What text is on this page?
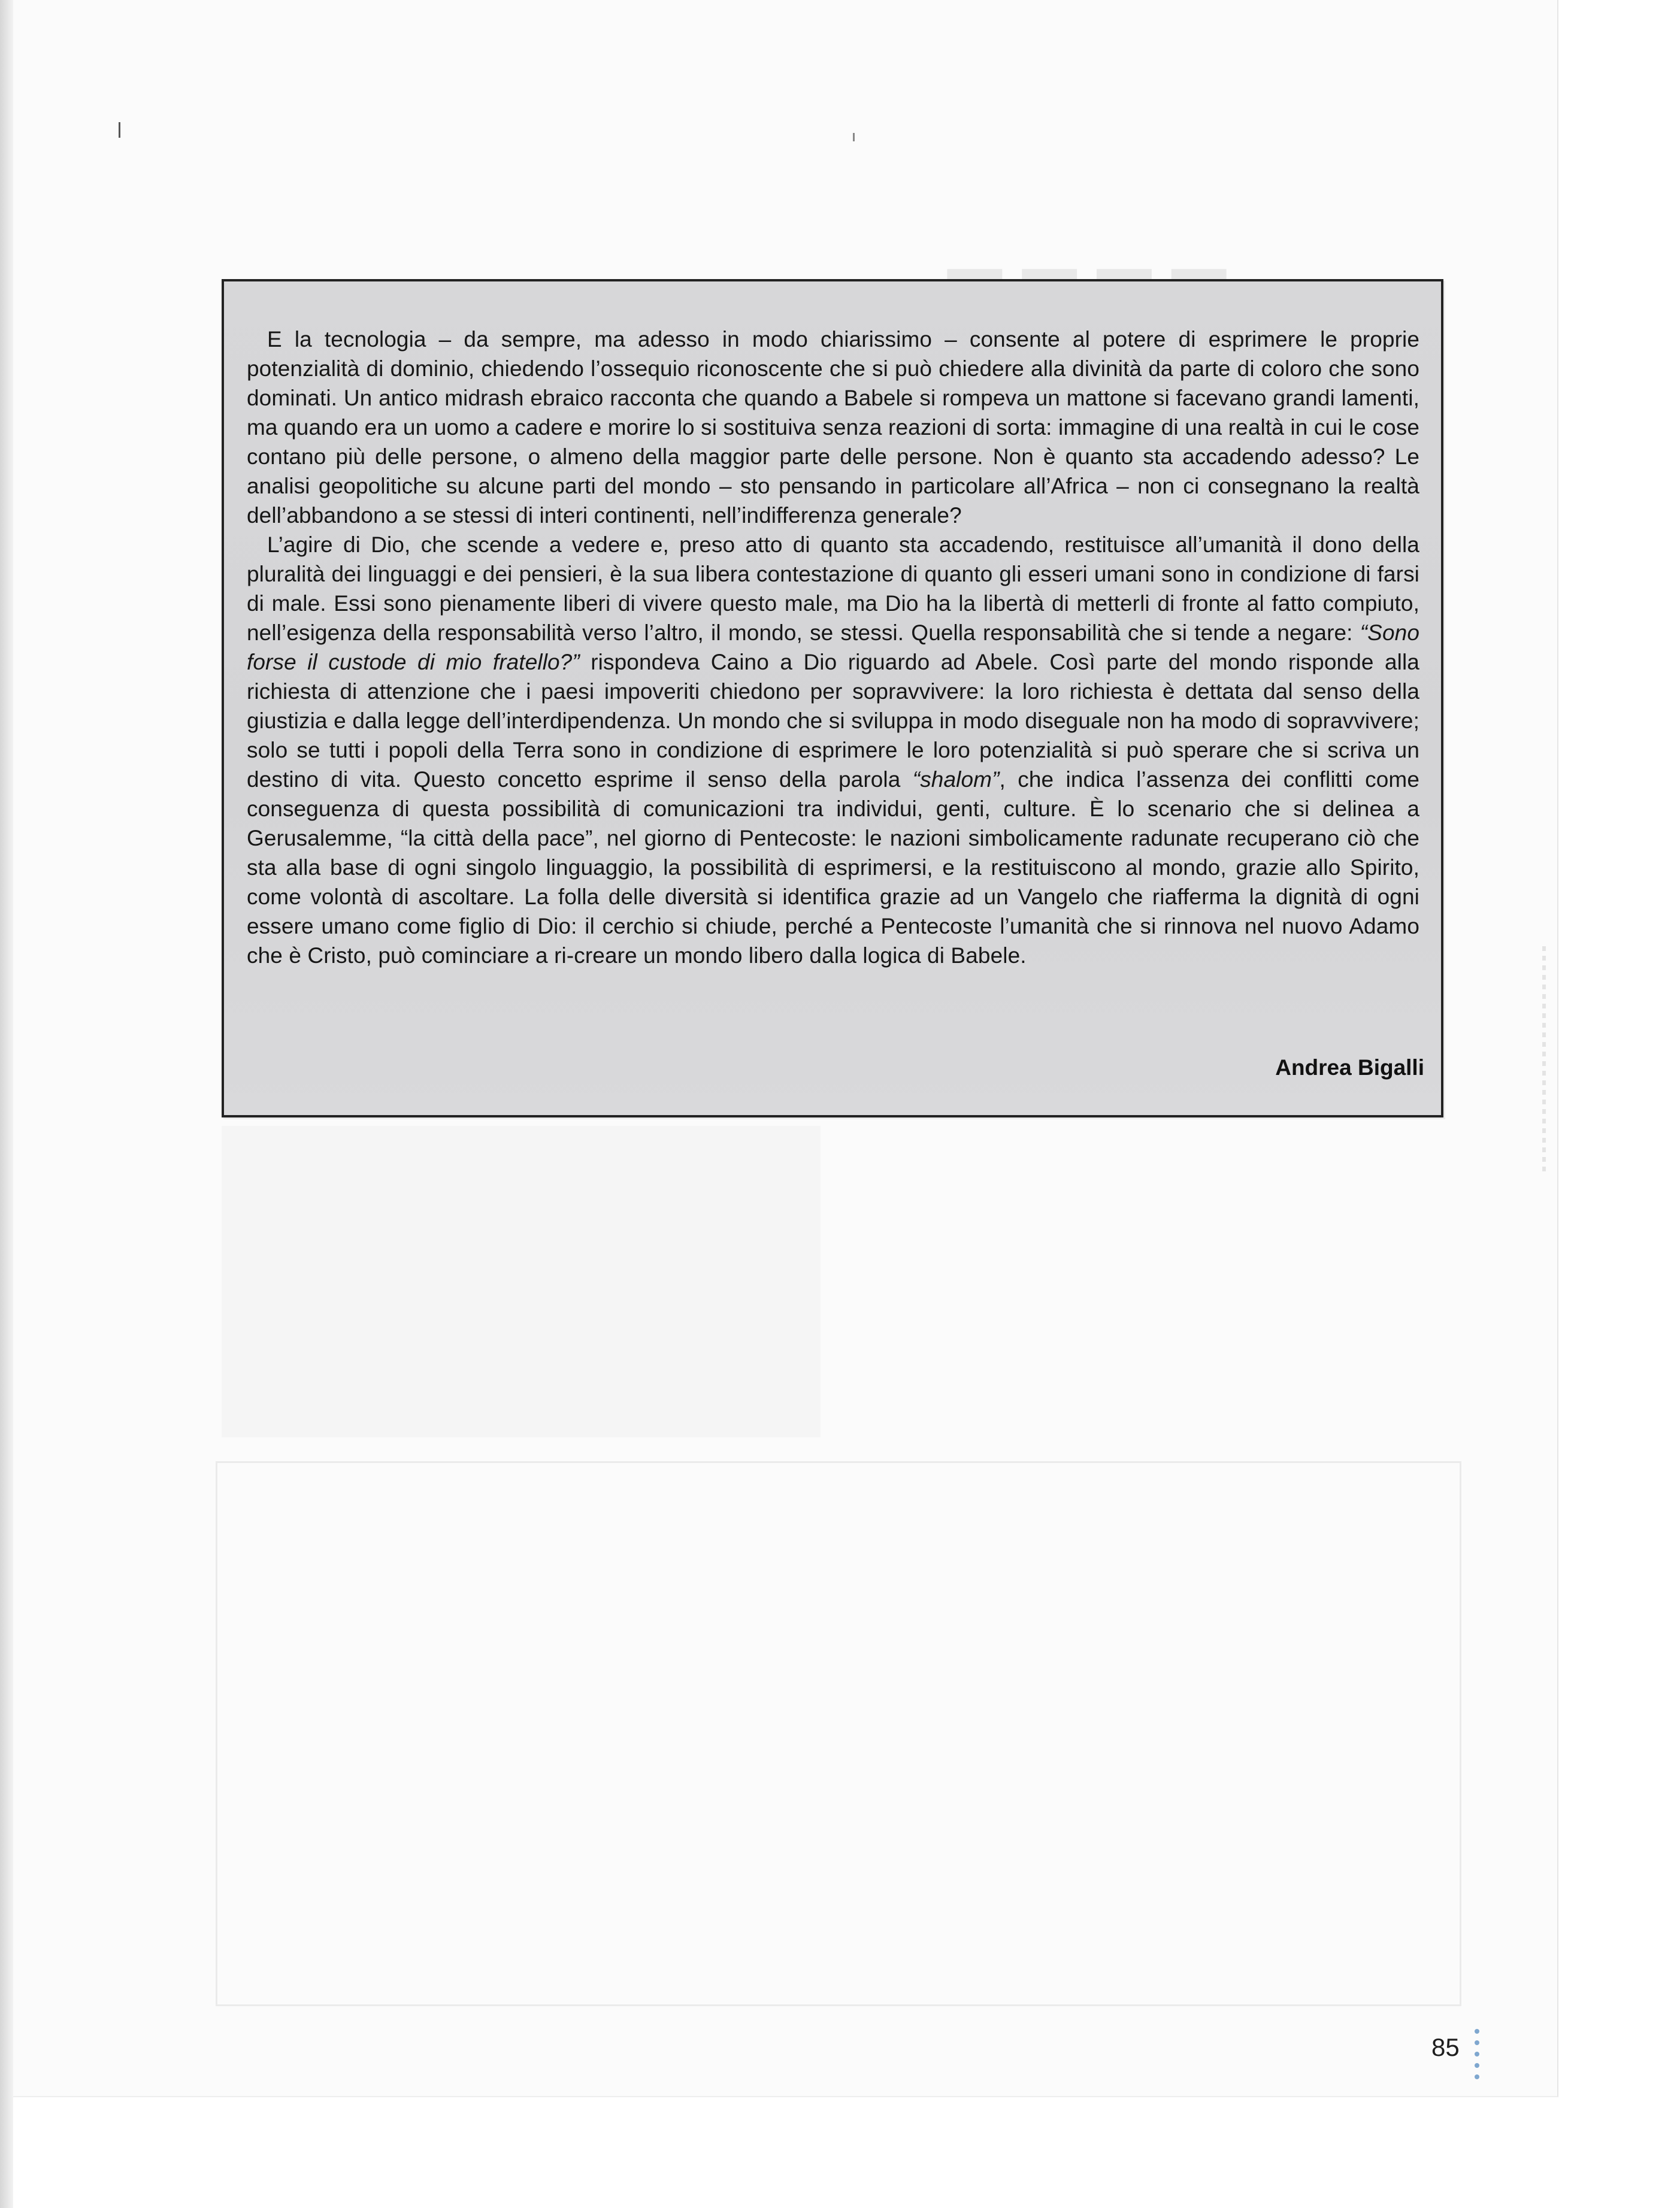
E la tecnologia – da sempre, ma adesso in modo chiarissimo – consente al potere di esprimere le proprie potenzialità di dominio, chiedendo l’ossequio riconoscente che si può chiedere alla divinità da parte di coloro che sono dominati. Un antico midrash ebraico racconta che quando a Babele si rompeva un mattone si facevano grandi lamenti, ma quando era un uomo a cadere e morire lo si sostituiva senza reazioni di sorta: immagine di una realtà in cui le cose contano più delle persone, o almeno della maggior parte delle persone. Non è quanto sta accadendo adesso? Le analisi geopolitiche su alcune parti del mondo – sto pensando in particolare all’Africa – non ci consegnano la realtà dell’abbandono a se stessi di interi continenti, nell’indifferenza generale?

L’agire di Dio, che scende a vedere e, preso atto di quanto sta accadendo, restituisce all’umanità il dono della pluralità dei linguaggi e dei pensieri, è la sua libera contestazione di quanto gli esseri umani sono in condizione di farsi di male. Essi sono pienamente liberi di vivere questo male, ma Dio ha la libertà di metterli di fronte al fatto compiuto, nell’esigenza della responsabilità verso l’altro, il mondo, se stessi. Quella responsabilità che si tende a negare: “Sono forse il custode di mio fratello?” rispondeva Caino a Dio riguardo ad Abele. Così parte del mondo risponde alla richiesta di attenzione che i paesi impoveriti chiedono per sopravvivere: la loro richiesta è dettata dal senso della giustizia e dalla legge dell’interdipendenza. Un mondo che si sviluppa in modo diseguale non ha modo di sopravvivere; solo se tutti i popoli della Terra sono in condizione di esprimere le loro potenzialità si può sperare che si scriva un destino di vita. Questo concetto esprime il senso della parola “shalom”, che indica l’assenza dei conflitti come conseguenza di questa possibilità di comunicazioni tra individui, genti, culture. È lo scenario che si delinea a Gerusalemme, “la città della pace”, nel giorno di Pentecoste: le nazioni simbolicamente radunate recuperano ciò che sta alla base di ogni singolo linguaggio, la possibilità di esprimersi, e la restituiscono al mondo, grazie allo Spirito, come volontà di ascoltare. La folla delle diversità si identifica grazie ad un Vangelo che riafferma la dignità di ogni essere umano come figlio di Dio: il cerchio si chiude, perché a Pentecoste l’umanità che si rinnova nel nuovo Adamo che è Cristo, può cominciare a ri-creare un mondo libero dalla logica di Babele.

Andrea Bigalli
85
